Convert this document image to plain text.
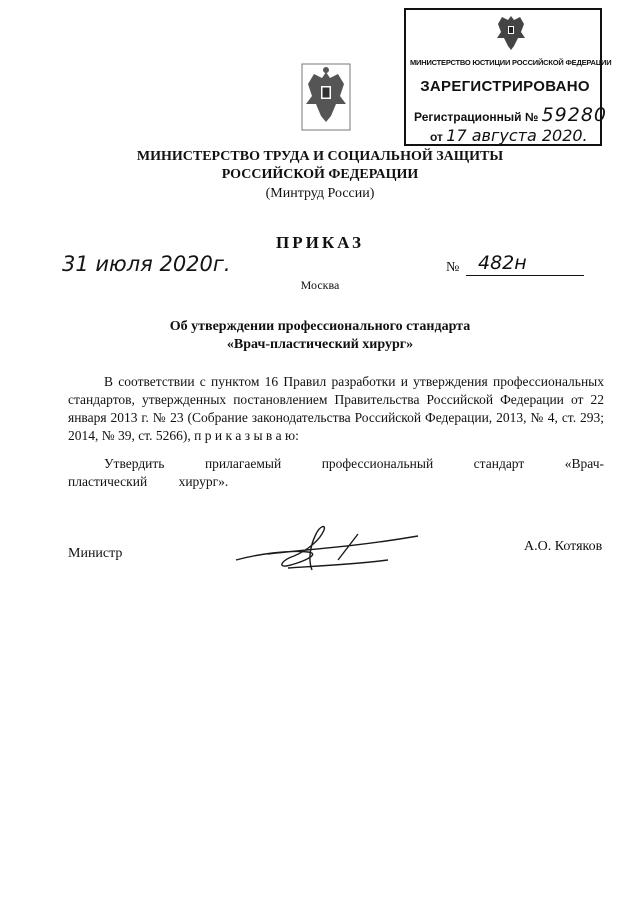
МИНИСТЕРСТВО ЮСТИЦИИ РОССИЙСКОЙ ФЕДЕРАЦИИ
ЗАРЕГИСТРИРОВАНО
Регистрационный № 59280
от 17 августа 2020.
МИНИСТЕРСТВО ТРУДА И СОЦИАЛЬНОЙ ЗАЩИТЫ
РОССИЙСКОЙ ФЕДЕРАЦИИ
(Минтруд России)
ПРИКАЗ
31 июля 2020г.	№ 482н
Москва
Об утверждении профессионального стандарта
«Врач-пластический хирург»
В соответствии с пунктом 16 Правил разработки и утверждения профессиональных стандартов, утвержденных постановлением Правительства Российской Федерации от 22 января 2013 г. № 23 (Собрание законодательства Российской Федерации, 2013, № 4, ст. 293; 2014, № 39, ст. 5266), п р и к а з ы в а ю:
Утвердить прилагаемый профессиональный стандарт «Врач-пластический хирург».
Министр	А.О. Котяков
